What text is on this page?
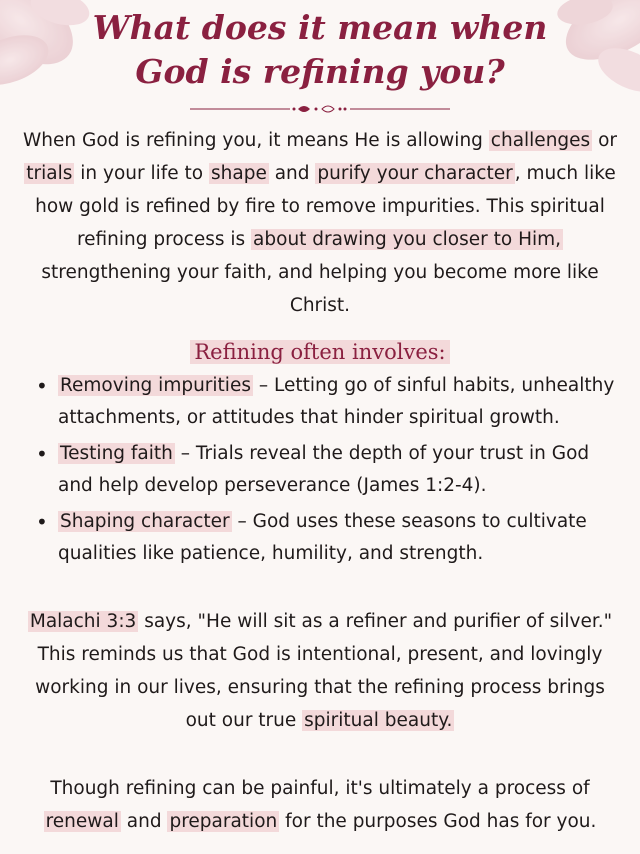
What does it mean when
God is refining you?

When God is refining you, it means He is allowing challenges or trials in your life to shape and purify your character , much like how gold is refined by fire to remove impurities. This spiritual refining process is about drawing you closer to Him, strengthening your faith, and helping you become more like Christ.

Refining often involves:
• Removing impurities – Letting go of sinful habits, unhealthy attachments, or attitudes that hinder spiritual growth.
• Testing faith – Trials reveal the depth of your trust in God and help develop perseverance (James 1:2-4).
• Shaping character – God uses these seasons to cultivate qualities like patience, humility, and strength.

Malachi 3:3 says, "He will sit as a refiner and purifier of silver." This reminds us that God is intentional, present, and lovingly working in our lives, ensuring that the refining process brings out our true spiritual beauty.

Though refining can be painful, it's ultimately a process of renewal and preparation for the purposes God has for you.
